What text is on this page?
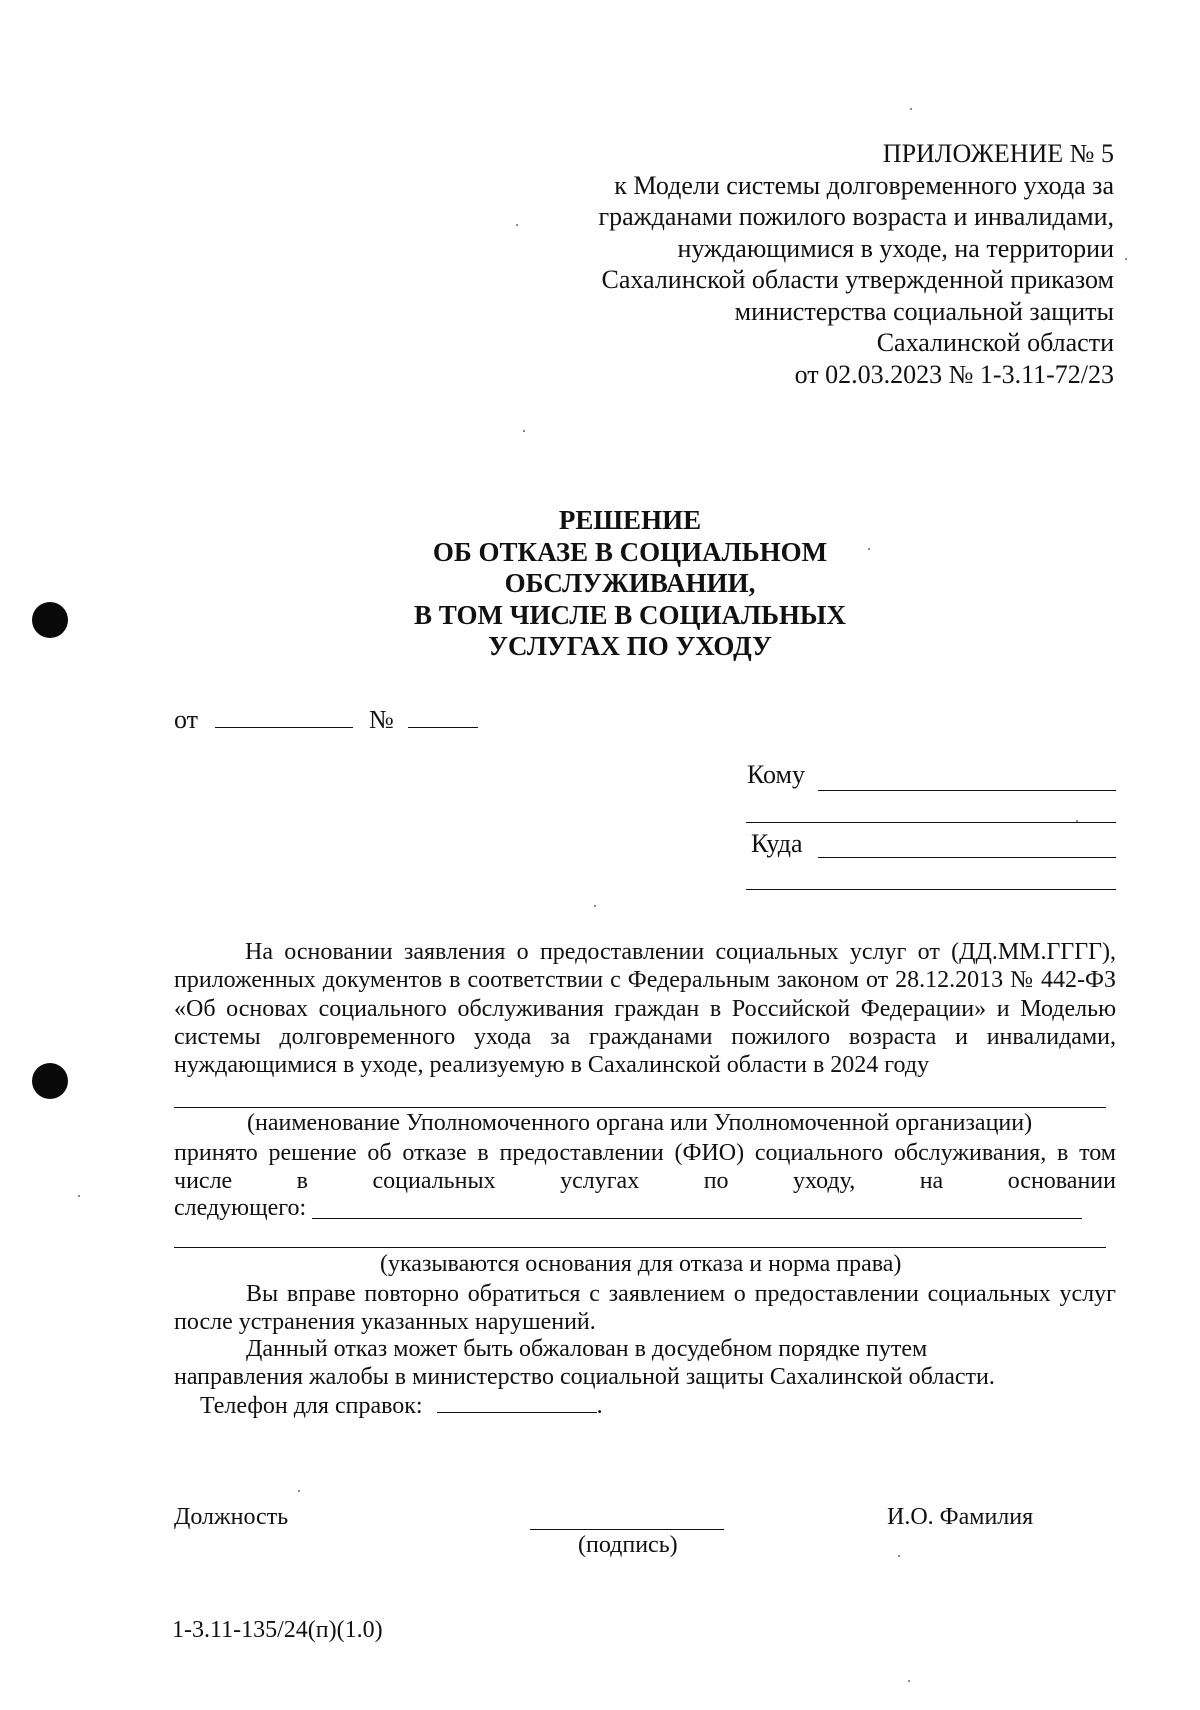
ПРИЛОЖЕНИЕ № 5
к Модели системы долговременного ухода за
гражданами пожилого возраста и инвалидами,
нуждающимися в уходе, на территории
Сахалинской области утвержденной приказом
министерства социальной защиты
Сахалинской области
от 02.03.2023 № 1-3.11-72/23
РЕШЕНИЕ
ОБ ОТКАЗЕ В СОЦИАЛЬНОМ
ОБСЛУЖИВАНИИ,
В ТОМ ЧИСЛЕ В СОЦИАЛЬНЫХ
УСЛУГАХ ПО УХОДУ
от	№
Кому
Куда
На основании заявления о предоставлении социальных услуг от (ДД.ММ.ГГГГ),
приложенных документов в соответствии с Федеральным законом от 28.12.2013 № 442-ФЗ
«Об основах социального обслуживания граждан в Российской Федерации» и Моделью
системы долговременного ухода за гражданами пожилого возраста и инвалидами,
нуждающимися в уходе, реализуемую в Сахалинской области в 2024 году
(наименование Уполномоченного органа или Уполномоченной организации)
принято решение об отказе в предоставлении (ФИО) социального обслуживания, в том
числе в социальных услугах по уходу, на основании
следующего:
(указываются основания для отказа и норма права)
Вы вправе повторно обратиться с заявлением о предоставлении социальных услуг
после устранения указанных нарушений.
Данный отказ может быть обжалован в досудебном порядке путем
направления жалобы в министерство социальной защиты Сахалинской области.
Телефон для справок:	.
Должность
(подпись)
И.О. Фамилия
1-3.11-135/24(п)(1.0)
